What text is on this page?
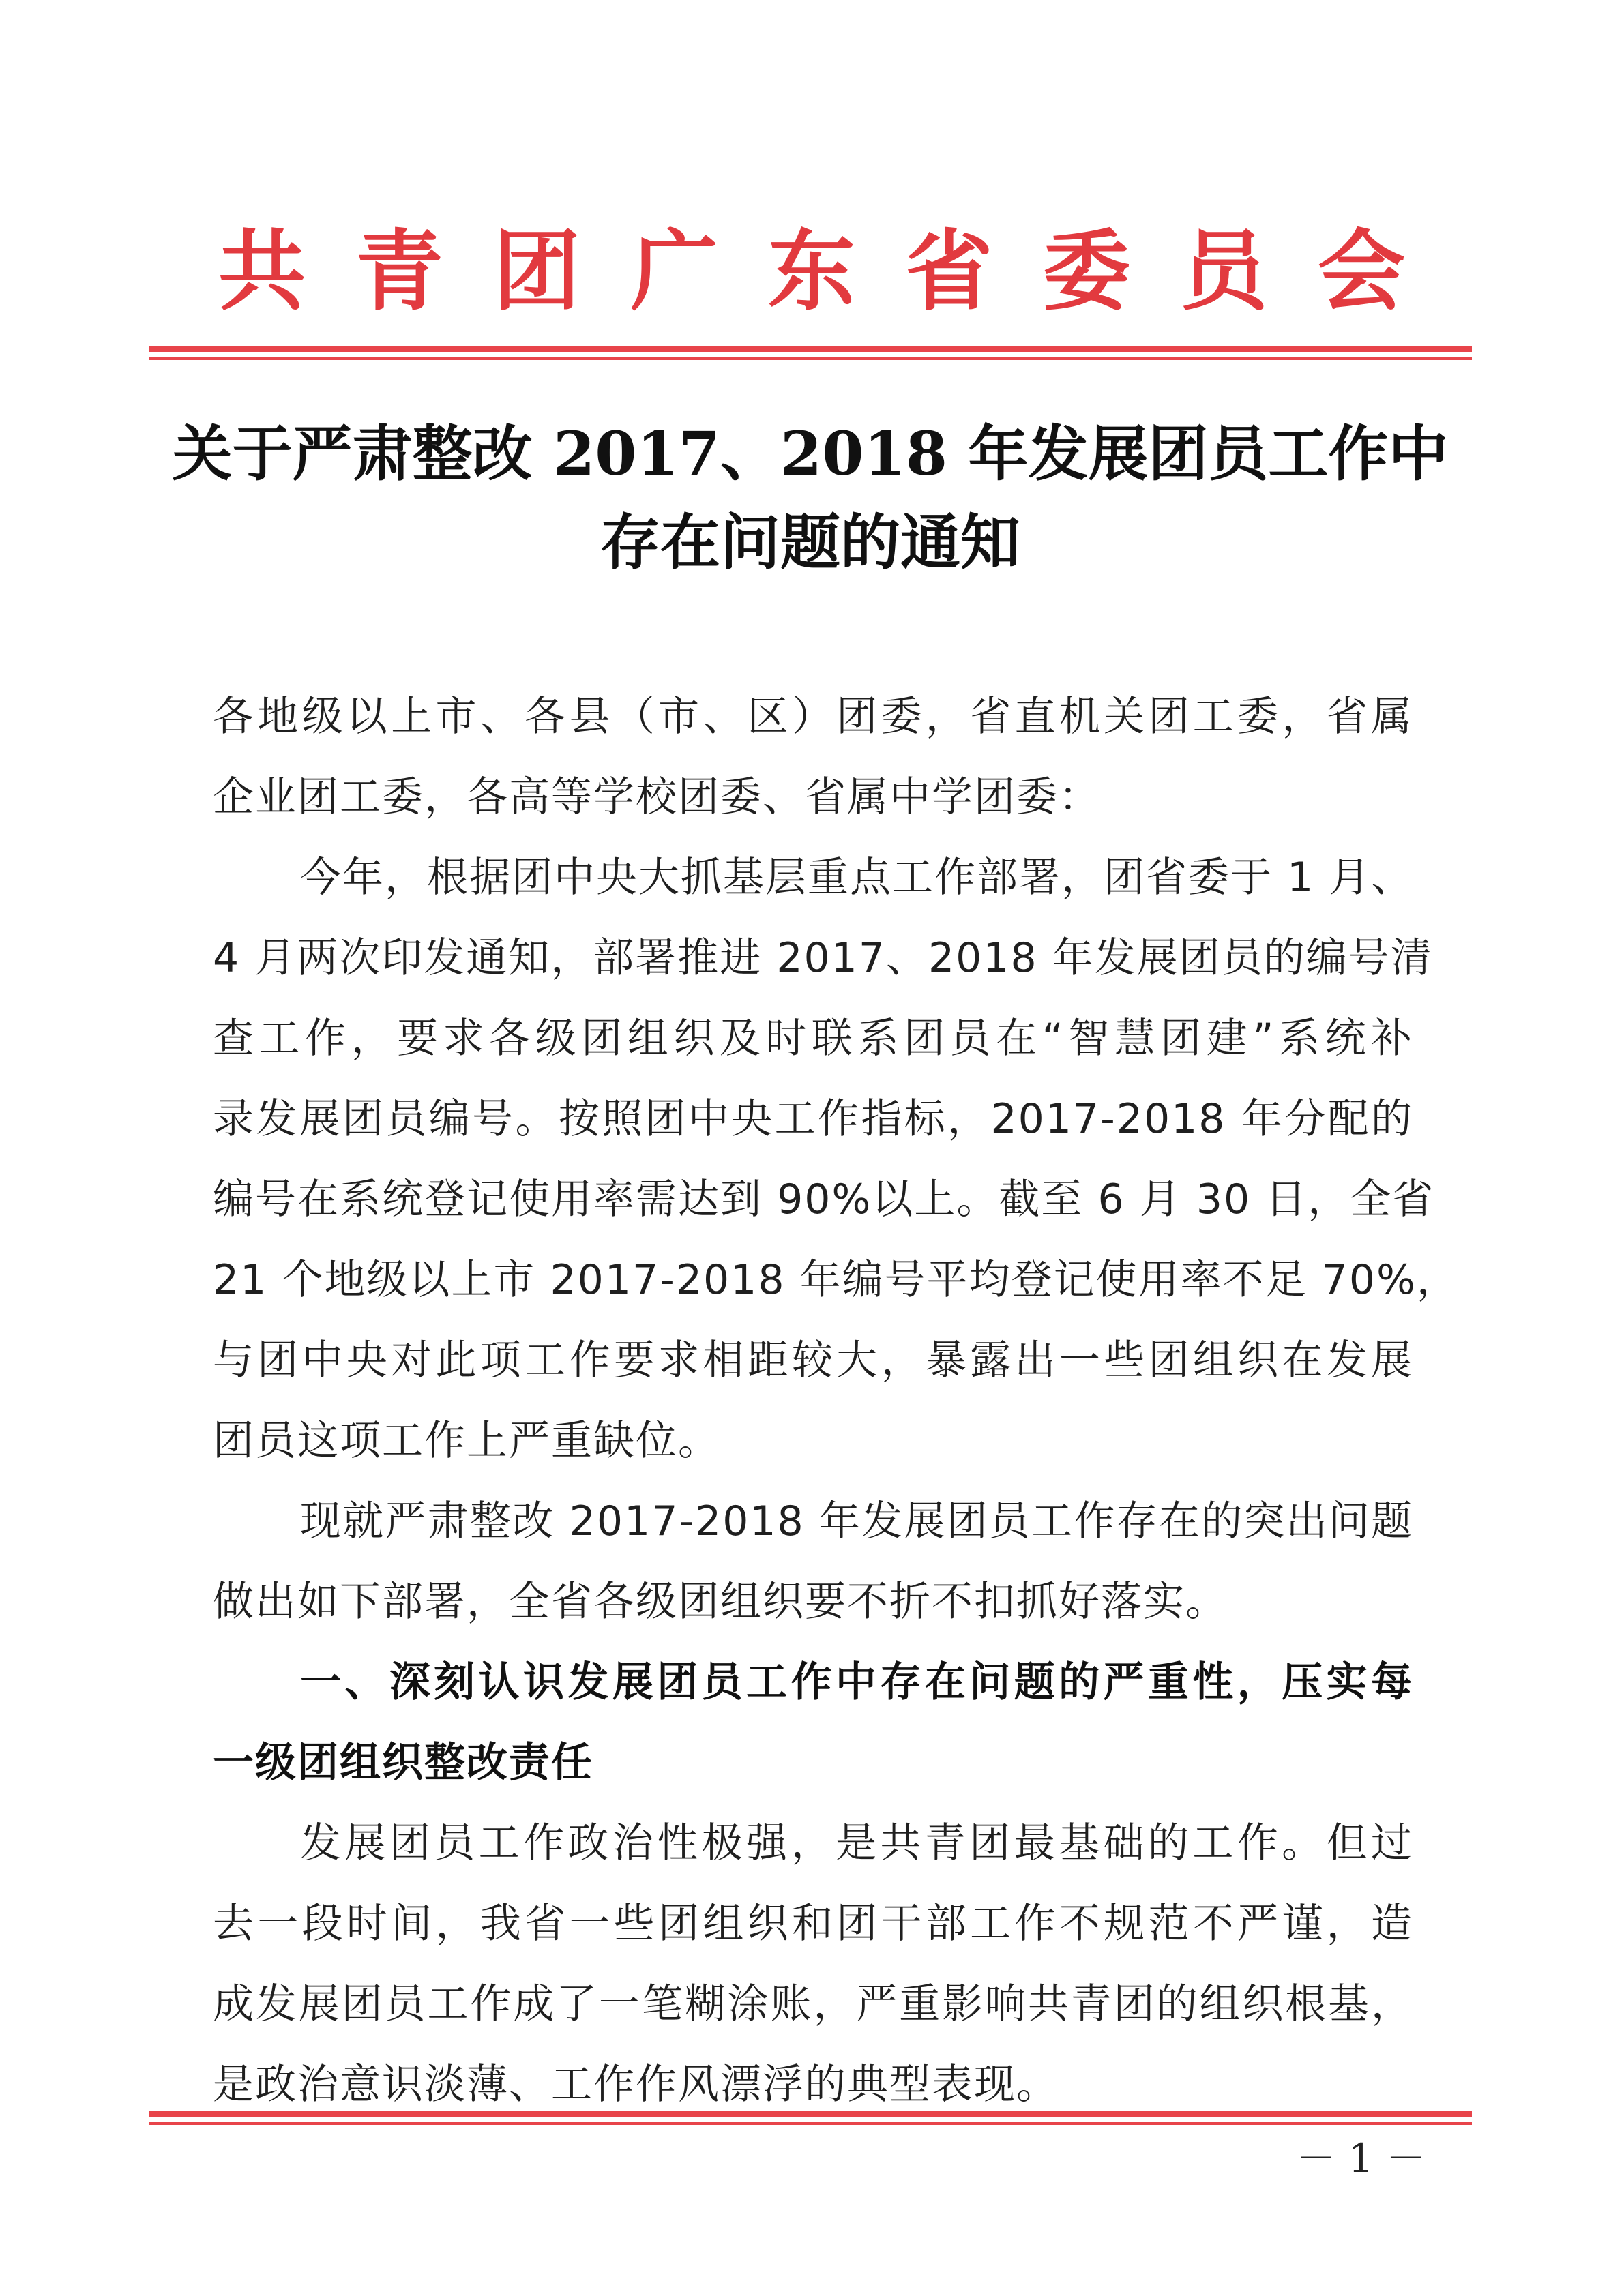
共 青 团 广 东 省 委 员 会
关于严肃整改 2017、2018 年发展团员工作中
存在问题的通知
各地级以上市、各县（市、区）团委，省直机关团工委，省属
企业团工委，各高等学校团委、省属中学团委：
今年，根据团中央大抓基层重点工作部署，团省委于 1 月、
4 月两次印发通知，部署推进 2017、2018 年发展团员的编号清
查工作，要求各级团组织及时联系团员在“智慧团建”系统补
录发展团员编号。按照团中央工作指标，2017-2018 年分配的
编号在系统登记使用率需达到 90%以上。截至 6 月 30 日，全省
21 个地级以上市 2017-2018 年编号平均登记使用率不足 70%，
与团中央对此项工作要求相距较大，暴露出一些团组织在发展
团员这项工作上严重缺位。
现就严肃整改 2017-2018 年发展团员工作存在的突出问题
做出如下部署，全省各级团组织要不折不扣抓好落实。
一、深刻认识发展团员工作中存在问题的严重性，压实每
一级团组织整改责任
发展团员工作政治性极强，是共青团最基础的工作。但过
去一段时间，我省一些团组织和团干部工作不规范不严谨，造
成发展团员工作成了一笔糊涂账，严重影响共青团的组织根基，
是政治意识淡薄、工作作风漂浮的典型表现。
－ 1 －
